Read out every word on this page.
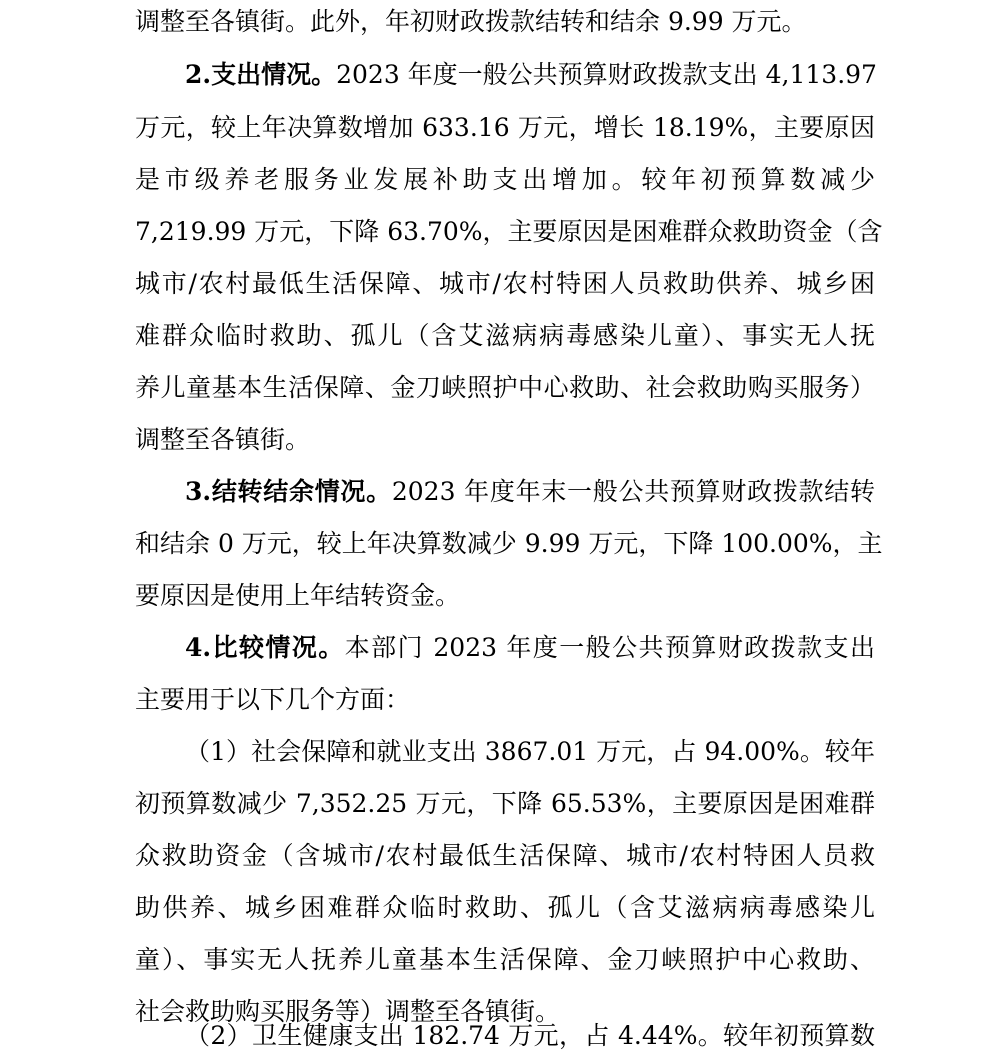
调整至各镇街。此外，年初财政拨款结转和结余 9.99 万元。
2.支出情况。2023 年度一般公共预算财政拨款支出 4,113.97
万元，较上年决算数增加 633.16 万元，增长 18.19%，主要原因
是市级养老服务业发展补助支出增加。较年初预算数减少
7,219.99 万元，下降 63.70%，主要原因是困难群众救助资金（含
城市/农村最低生活保障、城市/农村特困人员救助供养、城乡困
难群众临时救助、孤儿（含艾滋病病毒感染儿童）、事实无人抚
养儿童基本生活保障、金刀峡照护中心救助、社会救助购买服务）
调整至各镇街。
3.结转结余情况。2023 年度年末一般公共预算财政拨款结转
和结余 0 万元，较上年决算数减少 9.99 万元，下降 100.00%，主
要原因是使用上年结转资金。
4.比较情况。本部门 2023 年度一般公共预算财政拨款支出
主要用于以下几个方面：
（1）社会保障和就业支出 3867.01 万元，占 94.00%。较年
初预算数减少 7,352.25 万元，下降 65.53%，主要原因是困难群
众救助资金（含城市/农村最低生活保障、城市/农村特困人员救
助供养、城乡困难群众临时救助、孤儿（含艾滋病病毒感染儿
童）、事实无人抚养儿童基本生活保障、金刀峡照护中心救助、
社会救助购买服务等）调整至各镇街。
（2）卫生健康支出 182.74 万元，占 4.44%。较年初预算数
